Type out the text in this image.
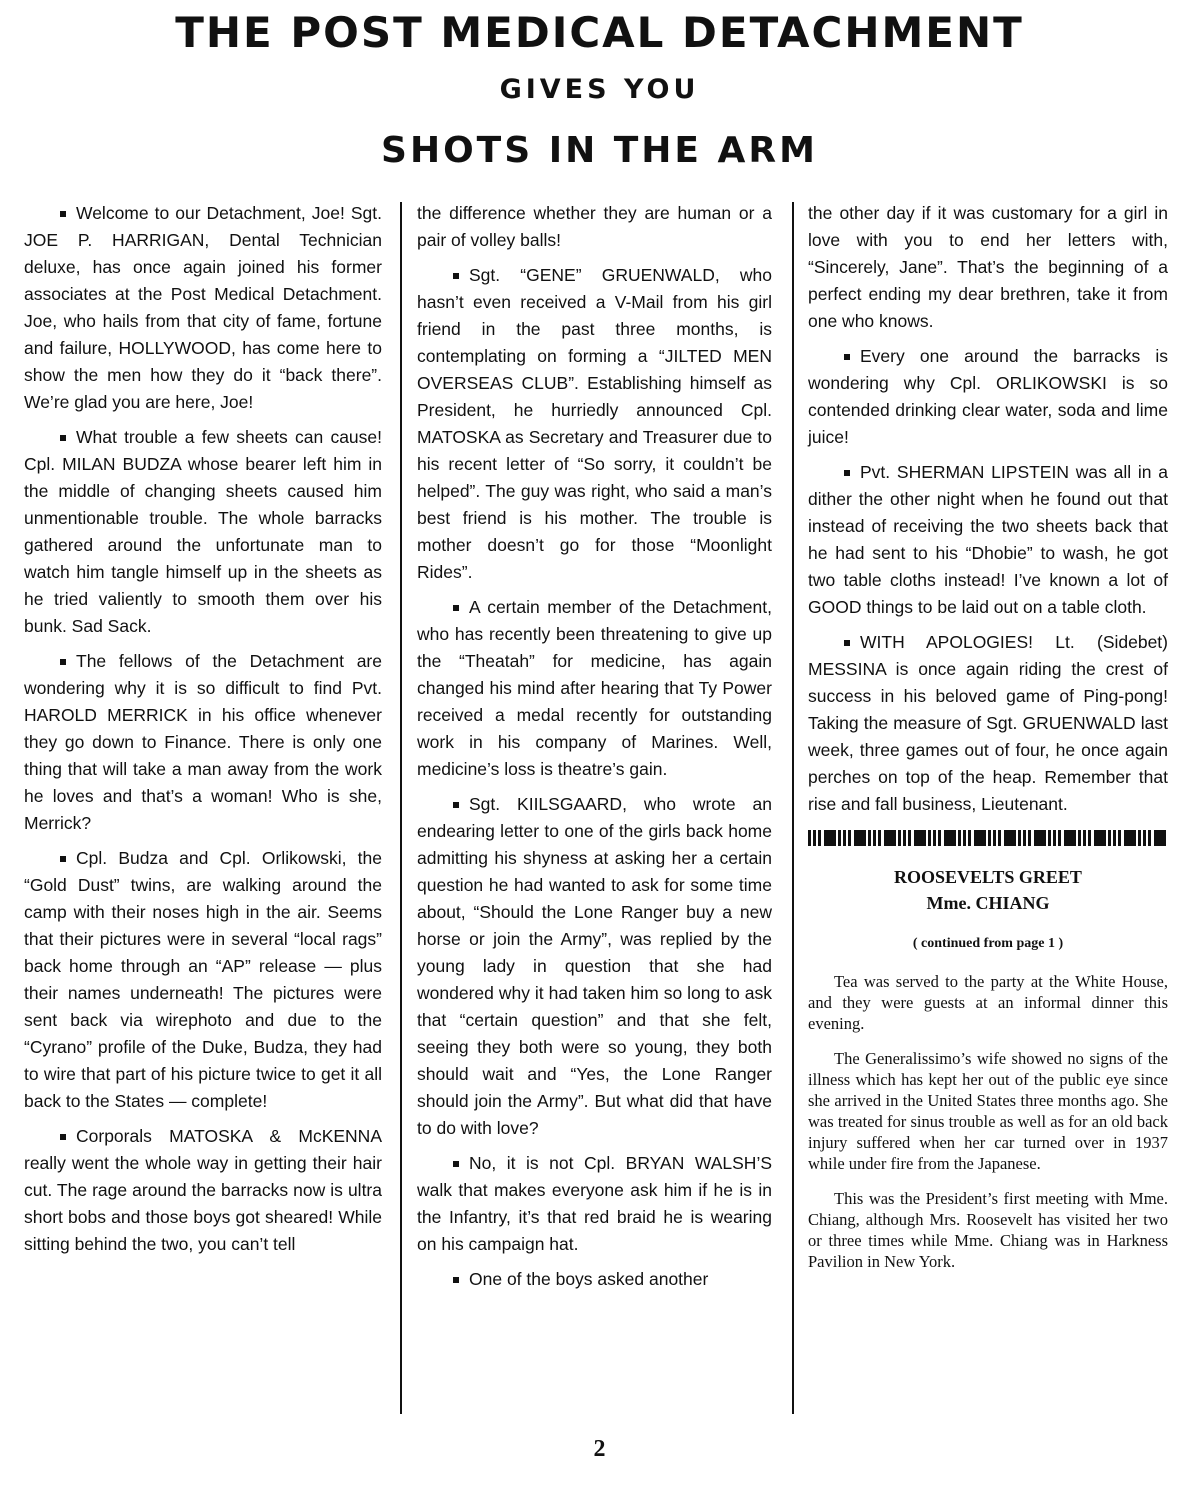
THE POST MEDICAL DETACHMENT
GIVES YOU
SHOTS IN THE ARM

Welcome to our Detachment, Joe! Sgt. JOE P. HARRIGAN, Dental Technician deluxe, has once again joined his former associates at the Post Medical Detachment. Joe, who hails from that city of fame, fortune and failure, HOLLYWOOD, has come here to show the men how they do it “back there”. We’re glad you are here, Joe!

What trouble a few sheets can cause! Cpl. MILAN BUDZA whose bearer left him in the middle of changing sheets caused him unmentionable trouble. The whole barracks gathered around the unfortunate man to watch him tangle himself up in the sheets as he tried valiently to smooth them over his bunk. Sad Sack.

The fellows of the Detachment are wondering why it is so difficult to find Pvt. HAROLD MERRICK in his office whenever they go down to Finance. There is only one thing that will take a man away from the work he loves and that’s a woman! Who is she, Merrick?

Cpl. Budza and Cpl. Orlikowski, the “Gold Dust” twins, are walking around the camp with their noses high in the air. Seems that their pictures were in several “local rags” back home through an “AP” release — plus their names underneath! The pictures were sent back via wirephoto and due to the “Cyrano” profile of the Duke, Budza, they had to wire that part of his picture twice to get it all back to the States — complete!

Corporals MATOSKA & McKENNA really went the whole way in getting their hair cut. The rage around the barracks now is ultra short bobs and those boys got sheared! While sitting behind the two, you can’t tell

the difference whether they are human or a pair of volley balls!

Sgt. “GENE” GRUENWALD, who hasn’t even received a V-Mail from his girl friend in the past three months, is contemplating on forming a “JILTED MEN OVERSEAS CLUB”. Establishing himself as President, he hurriedly announced Cpl. MATOSKA as Secretary and Treasurer due to his recent letter of “So sorry, it couldn’t be helped”. The guy was right, who said a man’s best friend is his mother. The trouble is mother doesn’t go for those “Moonlight Rides”.

A certain member of the Detachment, who has recently been threatening to give up the “Theatah” for medicine, has again changed his mind after hearing that Ty Power received a medal recently for outstanding work in his company of Marines. Well, medicine’s loss is theatre’s gain.

Sgt. KIILSGAARD, who wrote an endearing letter to one of the girls back home admitting his shyness at asking her a certain question he had wanted to ask for some time about, “Should the Lone Ranger buy a new horse or join the Army”, was replied by the young lady in question that she had wondered why it had taken him so long to ask that “certain question” and that she felt, seeing they both were so young, they both should wait and “Yes, the Lone Ranger should join the Army”. But what did that have to do with love?

No, it is not Cpl. BRYAN WALSH’S walk that makes everyone ask him if he is in the Infantry, it’s that red braid he is wearing on his campaign hat.

One of the boys asked another

the other day if it was customary for a girl in love with you to end her letters with, “Sincerely, Jane”. That’s the beginning of a perfect ending my dear brethren, take it from one who knows.

Every one around the barracks is wondering why Cpl. ORLIKOWSKI is so contended drinking clear water, soda and lime juice!

Pvt. SHERMAN LIPSTEIN was all in a dither the other night when he found out that instead of receiving the two sheets back that he had sent to his “Dhobie” to wash, he got two table cloths instead! I’ve known a lot of GOOD things to be laid out on a table cloth.

WITH APOLOGIES! Lt. (Sidebet) MESSINA is once again riding the crest of success in his beloved game of Ping-pong! Taking the measure of Sgt. GRUENWALD last week, three games out of four, he once again perches on top of the heap. Remember that rise and fall business, Lieutenant.

ROOSEVELTS GREET
Mme. CHIANG
( continued from page 1 )

Tea was served to the party at the White House, and they were guests at an informal dinner this evening.

The Generalissimo’s wife showed no signs of the illness which has kept her out of the public eye since she arrived in the United States three months ago. She was treated for sinus trouble as well as for an old back injury suffered when her car turned over in 1937 while under fire from the Japanese.

This was the President’s first meeting with Mme. Chiang, although Mrs. Roosevelt has visited her two or three times while Mme. Chiang was in Harkness Pavilion in New York.

2
